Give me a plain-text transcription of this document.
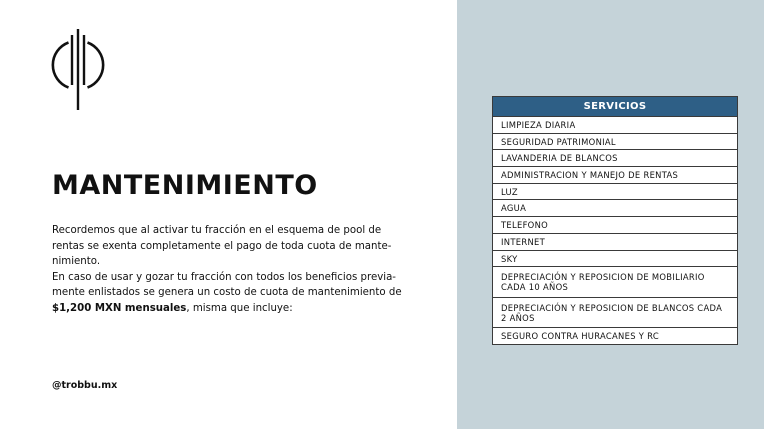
MANTENIMIENTO

Recordemos que al activar tu fracción en el esquema de pool de rentas se exenta completamente el pago de toda cuota de mante-nimiento.

En caso de usar y gozar tu fracción con todos los beneficios previa-mente enlistados se genera un costo de cuota de mantenimiento de $1,200 MXN mensuales, misma que incluye:

@trobbu.mx
SERVICIOS
LIMPIEZA DIARIA
SEGURIDAD PATRIMONIAL
LAVANDERIA DE BLANCOS
ADMINISTRACION Y MANEJO DE RENTAS
LUZ
AGUA
TELEFONO
INTERNET
SKY
DEPRECIACIÓN Y REPOSICION DE MOBILIARIO CADA 10 AÑOS
DEPRECIACIÓN Y REPOSICION DE BLANCOS CADA 2 AÑOS
SEGURO CONTRA HURACANES Y RC
